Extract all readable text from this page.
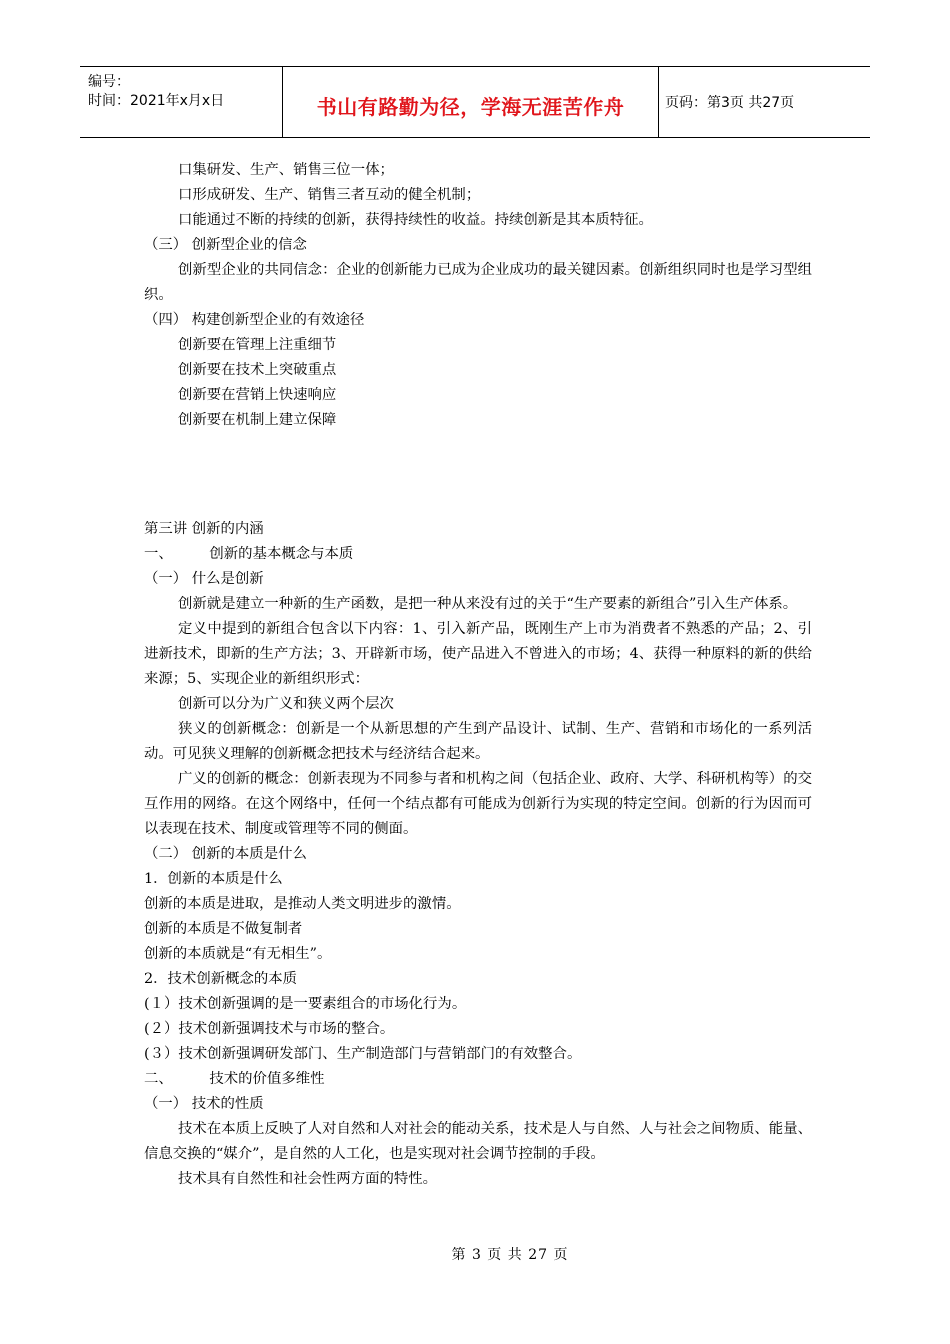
编号：
时间：2021年x月x日	书山有路勤为径，学海无涯苦作舟	页码：第3页 共27页

口集研发、生产、销售三位一体；

口形成研发、生产、销售三者互动的健全机制；

口能通过不断的持续的创新，获得持续性的收益。持续创新是其本质特征。

（三） 创新型企业的信念

创新型企业的共同信念：企业的创新能力已成为企业成功的最关键因素。创新组织同时也是学习型组织。

（四） 构建创新型企业的有效途径

创新要在管理上注重细节

创新要在技术上突破重点

创新要在营销上快速响应

创新要在机制上建立保障

第三讲 创新的内涵

一、        创新的基本概念与本质

（一） 什么是创新

创新就是建立一种新的生产函数，是把一种从来没有过的关于“生产要素的新组合”引入生产体系。

定义中提到的新组合包含以下内容：1、引入新产品，既刚生产上市为消费者不熟悉的产品；2、引进新技术，即新的生产方法；3、开辟新市场，使产品进入不曾进入的市场；4、获得一种原料的新的供给来源；5、实现企业的新组织形式：

创新可以分为广义和狭义两个层次

狭义的创新概念：创新是一个从新思想的产生到产品设计、试制、生产、营销和市场化的一系列活动。可见狭义理解的创新概念把技术与经济结合起来。

广义的创新的概念：创新表现为不同参与者和机构之间（包括企业、政府、大学、科研机构等）的交互作用的网络。在这个网络中，任何一个结点都有可能成为创新行为实现的特定空间。创新的行为因而可以表现在技术、制度或管理等不同的侧面。

（二） 创新的本质是什么

1．创新的本质是什么

创新的本质是进取，是推动人类文明进步的激情。

创新的本质是不做复制者

创新的本质就是“有无相生”。

2．技术创新概念的本质

(１）技术创新强调的是一要素组合的市场化行为。

(２）技术创新强调技术与市场的整合。

(３）技术创新强调研发部门、生产制造部门与营销部门的有效整合。

二、        技术的价值多维性

（一） 技术的性质

技术在本质上反映了人对自然和人对社会的能动关系，技术是人与自然、人与社会之间物质、能量、信息交换的“媒介”，是自然的人工化，也是实现对社会调节控制的手段。

技术具有自然性和社会性两方面的特性。

第 3 页 共 27 页
